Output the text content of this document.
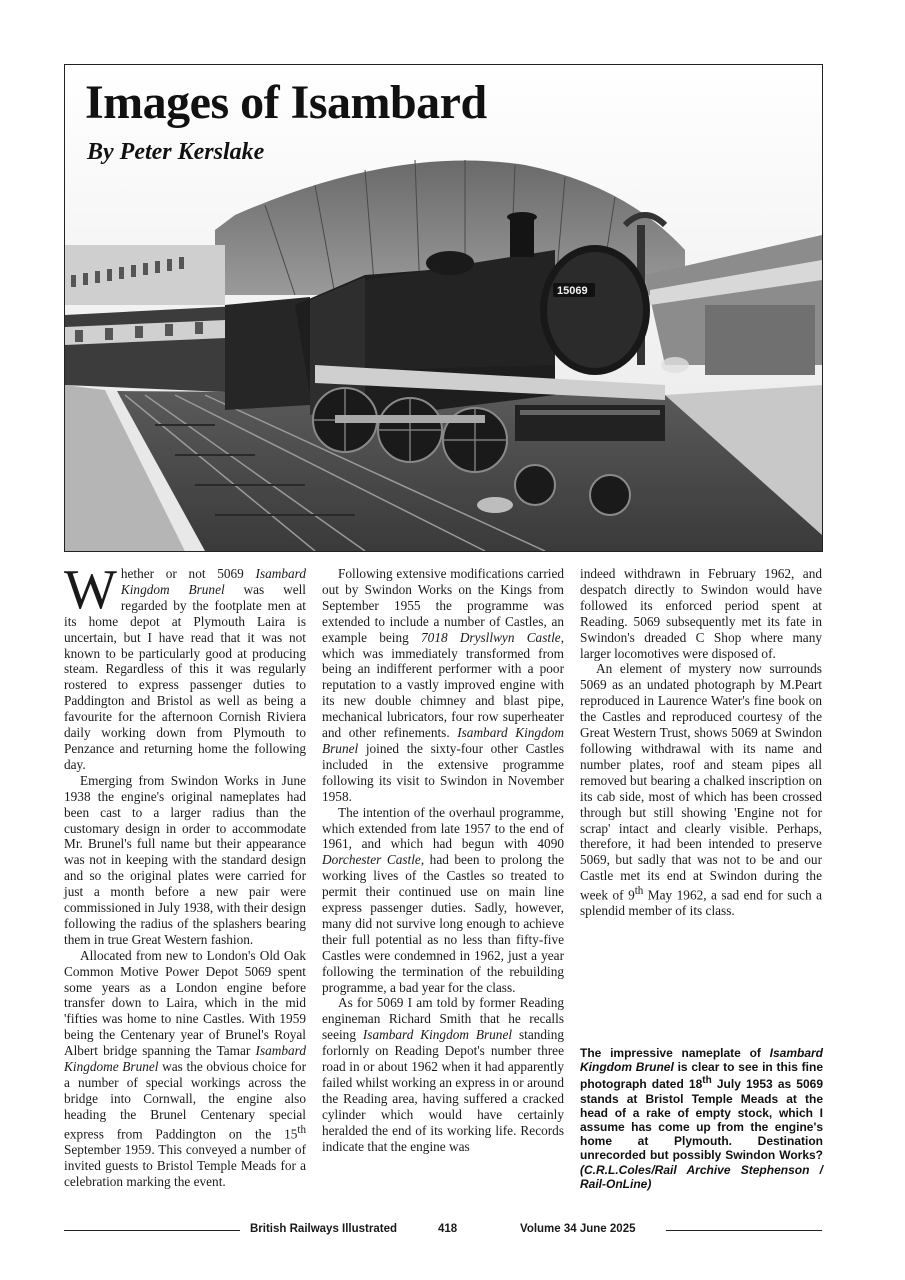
15069
Images of Isambard
By Peter Kerslake

Whether or not 5069 Isambard Kingdom Brunel was well regarded by the footplate men at its home depot at Plymouth Laira is uncertain, but I have read that it was not known to be particularly good at producing steam. Regardless of this it was regularly rostered to express passenger duties to Paddington and Bristol as well as being a favourite for the afternoon Cornish Riviera daily working down from Plymouth to Penzance and returning home the following day.

Emerging from Swindon Works in June 1938 the engine's original nameplates had been cast to a larger radius than the customary design in order to accommodate Mr. Brunel's full name but their appearance was not in keeping with the standard design and so the original plates were carried for just a month before a new pair were commissioned in July 1938, with their design following the radius of the splashers bearing them in true Great Western fashion.

Allocated from new to London's Old Oak Common Motive Power Depot 5069 spent some years as a London engine before transfer down to Laira, which in the mid 'fifties was home to nine Castles. With 1959 being the Centenary year of Brunel's Royal Albert bridge spanning the Tamar Isambard Kingdome Brunel was the obvious choice for a number of special workings across the bridge into Cornwall, the engine also heading the Brunel Centenary special express from Paddington on the 15th September 1959. This conveyed a number of invited guests to Bristol Temple Meads for a celebration marking the event.

Following extensive modifications carried out by Swindon Works on the Kings from September 1955 the programme was extended to include a number of Castles, an example being 7018 Drysllwyn Castle, which was immediately transformed from being an indifferent performer with a poor reputation to a vastly improved engine with its new double chimney and blast pipe, mechanical lubricators, four row superheater and other refinements. Isambard Kingdom Brunel joined the sixty-four other Castles included in the extensive programme following its visit to Swindon in November 1958.

The intention of the overhaul programme, which extended from late 1957 to the end of 1961, and which had begun with 4090 Dorchester Castle, had been to prolong the working lives of the Castles so treated to permit their continued use on main line express passenger duties. Sadly, however, many did not survive long enough to achieve their full potential as no less than fifty-five Castles were condemned in 1962, just a year following the termination of the rebuilding programme, a bad year for the class.

As for 5069 I am told by former Reading engineman Richard Smith that he recalls seeing Isambard Kingdom Brunel standing forlornly on Reading Depot's number three road in or about 1962 when it had apparently failed whilst working an express in or around the Reading area, having suffered a cracked cylinder which would have certainly heralded the end of its working life. Records indicate that the engine was

indeed withdrawn in February 1962, and despatch directly to Swindon would have followed its enforced period spent at Reading. 5069 subsequently met its fate in Swindon's dreaded C Shop where many larger locomotives were disposed of.

An element of mystery now surrounds 5069 as an undated photograph by M.Peart reproduced in Laurence Water's fine book on the Castles and reproduced courtesy of the Great Western Trust, shows 5069 at Swindon following withdrawal with its name and number plates, roof and steam pipes all removed but bearing a chalked inscription on its cab side, most of which has been crossed through but still showing 'Engine not for scrap' intact and clearly visible. Perhaps, therefore, it had been intended to preserve 5069, but sadly that was not to be and our Castle met its end at Swindon during the week of 9th May 1962, a sad end for such a splendid member of its class.

The impressive nameplate of Isambard Kingdom Brunel is clear to see in this fine photograph dated 18th July 1953 as 5069 stands at Bristol Temple Meads at the head of a rake of empty stock, which I assume has come up from the engine's home at Plymouth. Destination unrecorded but possibly Swindon Works? (C.R.L.Coles/Rail Archive Stephenson / Rail-OnLine)
British Railways Illustrated	418	Volume 34 June 2025
